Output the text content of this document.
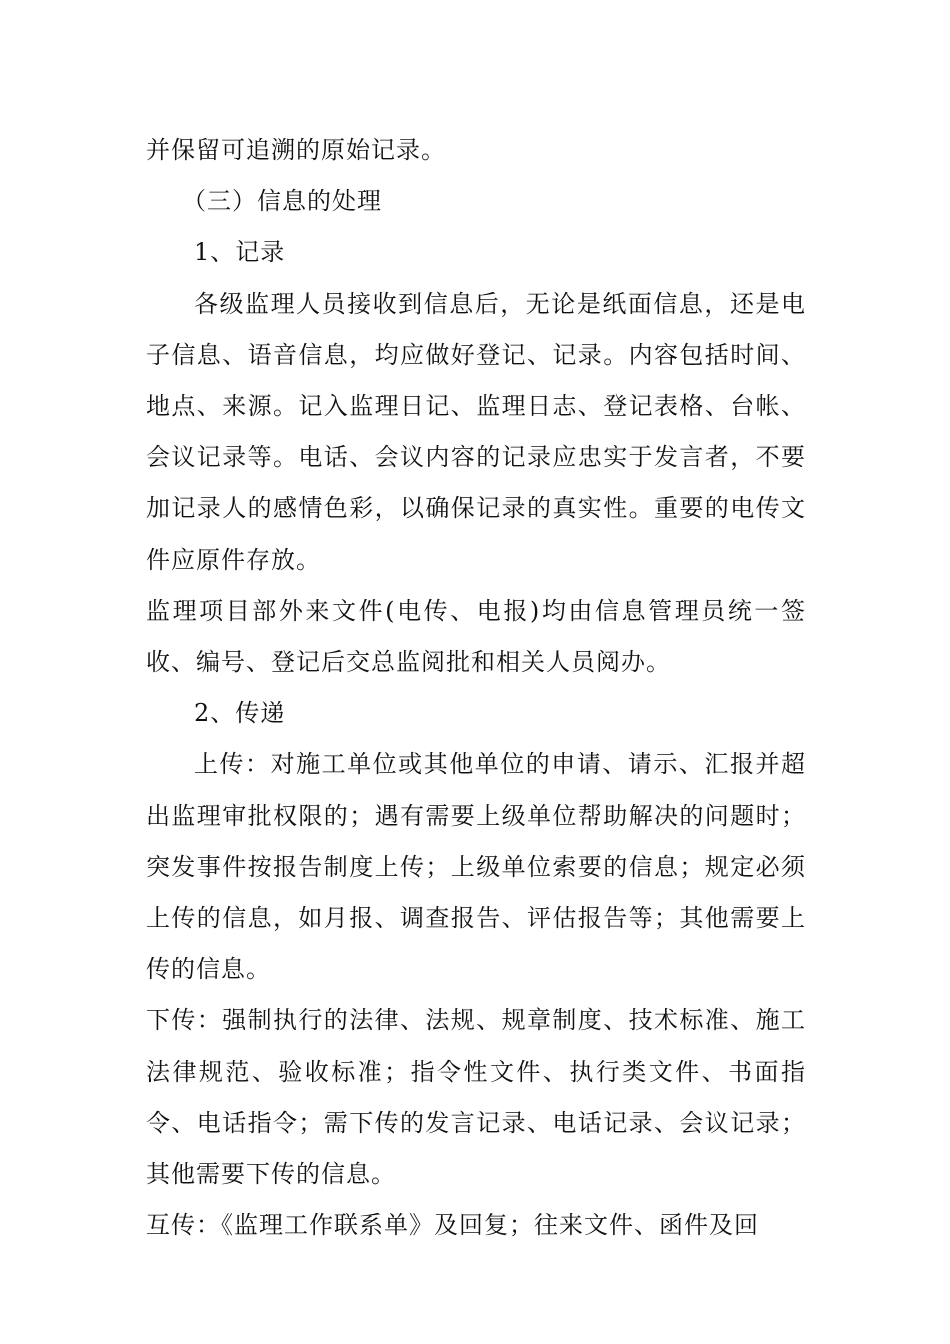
并保留可追溯的原始记录。

（三）信息的处理

1、记录

各级监理人员接收到信息后，无论是纸面信息，还是电子信息、语音信息，均应做好登记、记录。内容包括时间、地点、来源。记入监理日记、监理日志、登记表格、台帐、会议记录等。电话、会议内容的记录应忠实于发言者，不要加记录人的感情色彩，以确保记录的真实性。重要的电传文件应原件存放。

监理项目部外来文件(电传、电报)均由信息管理员统一签收、编号、登记后交总监阅批和相关人员阅办。

2、传递

上传：对施工单位或其他单位的申请、请示、汇报并超出监理审批权限的；遇有需要上级单位帮助解决的问题时；突发事件按报告制度上传；上级单位索要的信息；规定必须上传的信息，如月报、调查报告、评估报告等；其他需要上传的信息。

下传：强制执行的法律、法规、规章制度、技术标准、施工法律规范、验收标准；指令性文件、执行类文件、书面指令、电话指令；需下传的发言记录、电话记录、会议记录；其他需要下传的信息。

互传：《监理工作联系单》及回复；往来文件、函件及回
